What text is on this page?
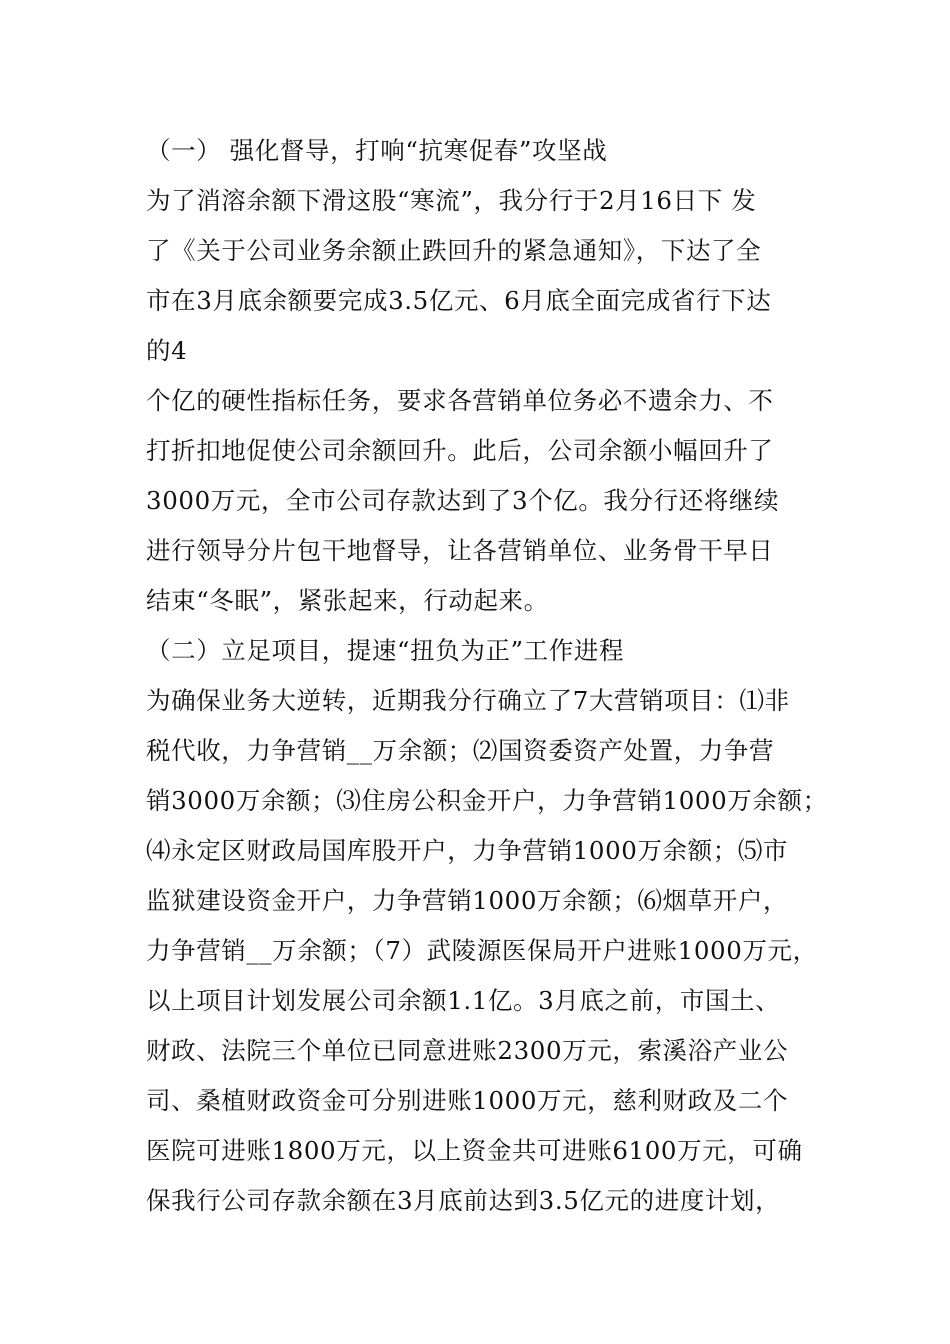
（一） 强化督导，打响“抗寒促春”攻坚战
为了消溶余额下滑这股“寒流”，我分行于2月16日下 发
了《关于公司业务余额止跌回升的紧急通知》，下达了全
市在3月底余额要完成3.5亿元、6月底全面完成省行下达
的4
个亿的硬性指标任务，要求各营销单位务必不遗余力、不
打折扣地促使公司余额回升。此后，公司余额小幅回升了
3000万元，全市公司存款达到了3个亿。我分行还将继续
进行领导分片包干地督导，让各营销单位、业务骨干早日
结束“冬眠”，紧张起来，行动起来。
（二）立足项目，提速“扭负为正”工作进程
为确保业务大逆转，近期我分行确立了7大营销项目：⑴非
税代收，力争营销__万余额；⑵国资委资产处置，力争营
销3000万余额；⑶住房公积金开户，力争营销1000万余额；
⑷永定区财政局国库股开户，力争营销1000万余额；⑸市
监狱建设资金开户，力争营销1000万余额；⑹烟草开户，
力争营销__万余额；（7）武陵源医保局开户进账1000万元，
以上项目计划发展公司余额1.1亿。3月底之前，市国土、
财政、法院三个单位已同意进账2300万元，索溪浴产业公
司、桑植财政资金可分别进账1000万元，慈利财政及二个
医院可进账1800万元，以上资金共可进账6100万元，可确
保我行公司存款余额在3月底前达到3.5亿元的进度计划，
